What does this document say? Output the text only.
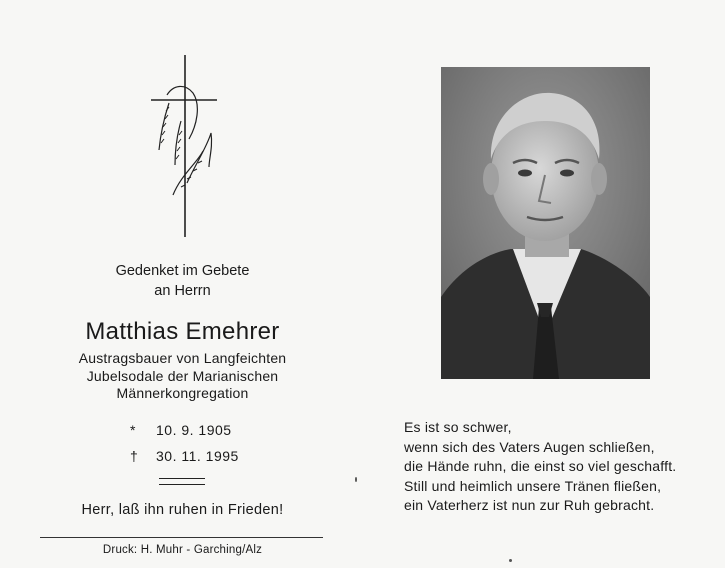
Gedenket im Gebete
an Herrn
Matthias Emehrer
Austragsbauer von Langfeichten
Jubelsodale der Marianischen
Männerkongregation
*	10. 9. 1905
†	30. 11. 1995
Herr, laß ihn ruhen in Frieden!
Druck: H. Muhr - Garching/Alz
Es ist so schwer,
wenn sich des Vaters Augen schließen,
die Hände ruhn, die einst so viel geschafft.
Still und heimlich unsere Tränen fließen,
ein Vaterherz ist nun zur Ruh gebracht.
